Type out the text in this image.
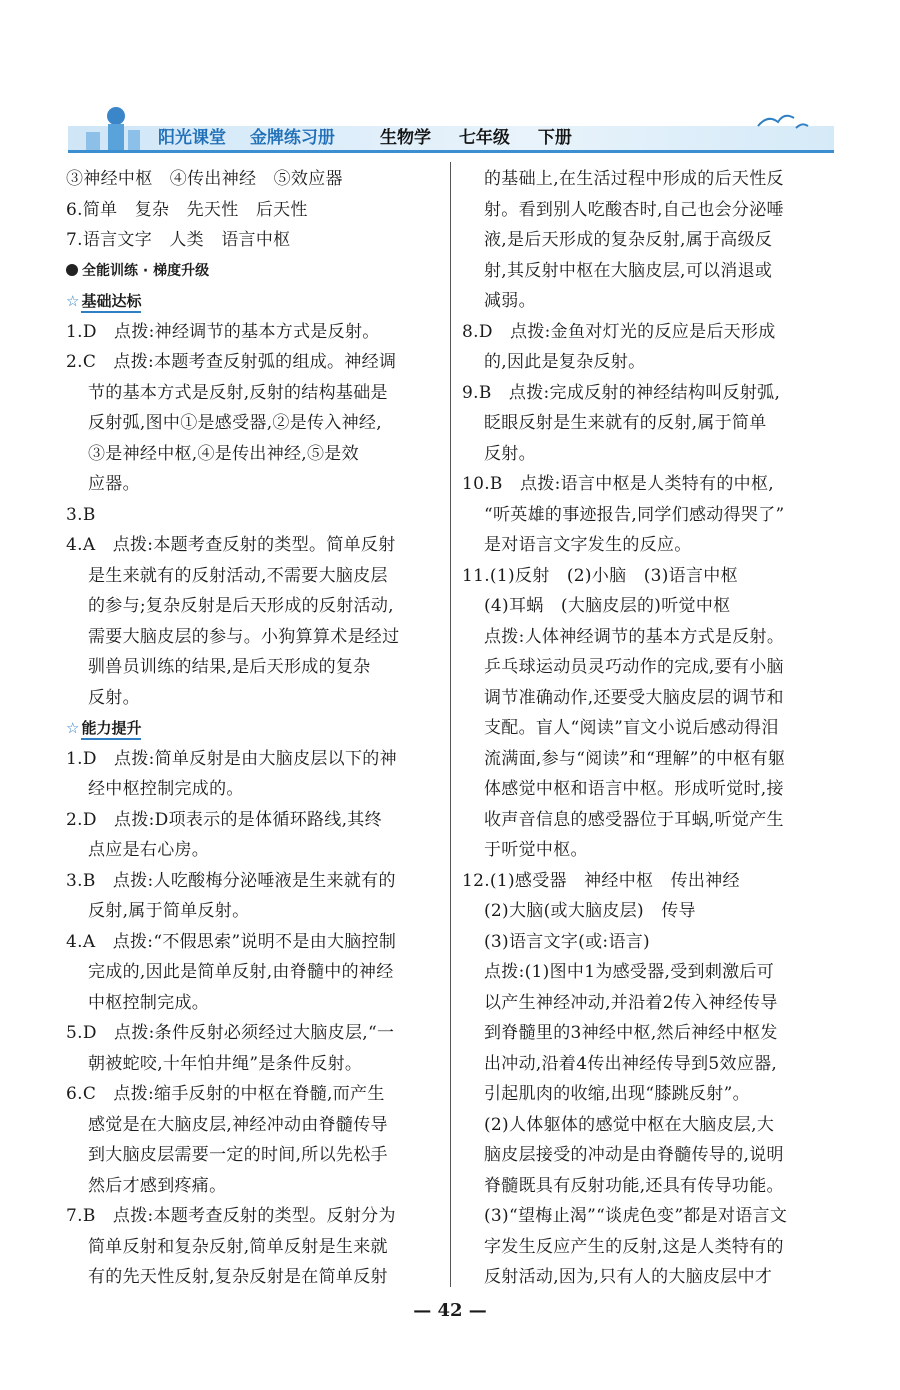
阳光课堂 金牌练习册	生物学 七年级 下册
③神经中枢　④传出神经　⑤效应器
6.简单　复杂　先天性　后天性
7.语言文字　人类　语言中枢
全能训练 · 梯度升级
☆ 基础达标
1.D　点拨:神经调节的基本方式是反射。
2.C　点拨:本题考查反射弧的组成。神经调
节的基本方式是反射,反射的结构基础是
反射弧,图中①是感受器,②是传入神经,
③是神经中枢,④是传出神经,⑤是效
应器。
3.B
4.A　点拨:本题考查反射的类型。简单反射
是生来就有的反射活动,不需要大脑皮层
的参与;复杂反射是后天形成的反射活动,
需要大脑皮层的参与。小狗算算术是经过
驯兽员训练的结果,是后天形成的复杂
反射。
☆ 能力提升
1.D　点拨:简单反射是由大脑皮层以下的神
经中枢控制完成的。
2.D　点拨:D项表示的是体循环路线,其终
点应是右心房。
3.B　点拨:人吃酸梅分泌唾液是生来就有的
反射,属于简单反射。
4.A　点拨:“不假思索”说明不是由大脑控制
完成的,因此是简单反射,由脊髓中的神经
中枢控制完成。
5.D　点拨:条件反射必须经过大脑皮层,“一
朝被蛇咬,十年怕井绳”是条件反射。
6.C　点拨:缩手反射的中枢在脊髓,而产生
感觉是在大脑皮层,神经冲动由脊髓传导
到大脑皮层需要一定的时间,所以先松手
然后才感到疼痛。
7.B　点拨:本题考查反射的类型。反射分为
简单反射和复杂反射,简单反射是生来就
有的先天性反射,复杂反射是在简单反射
的基础上,在生活过程中形成的后天性反
射。看到别人吃酸杏时,自己也会分泌唾
液,是后天形成的复杂反射,属于高级反
射,其反射中枢在大脑皮层,可以消退或
减弱。
8.D　点拨:金鱼对灯光的反应是后天形成
的,因此是复杂反射。
9.B　点拨:完成反射的神经结构叫反射弧,
眨眼反射是生来就有的反射,属于简单
反射。
10.B　点拨:语言中枢是人类特有的中枢,
“听英雄的事迹报告,同学们感动得哭了”
是对语言文字发生的反应。
11.(1)反射　(2)小脑　(3)语言中枢
(4)耳蜗　(大脑皮层的)听觉中枢
点拨:人体神经调节的基本方式是反射。
乒乓球运动员灵巧动作的完成,要有小脑
调节准确动作,还要受大脑皮层的调节和
支配。盲人“阅读”盲文小说后感动得泪
流满面,参与“阅读”和“理解”的中枢有躯
体感觉中枢和语言中枢。形成听觉时,接
收声音信息的感受器位于耳蜗,听觉产生
于听觉中枢。
12.(1)感受器　神经中枢　传出神经
(2)大脑(或大脑皮层)　传导
(3)语言文字(或:语言)
点拨:(1)图中1为感受器,受到刺激后可
以产生神经冲动,并沿着2传入神经传导
到脊髓里的3神经中枢,然后神经中枢发
出冲动,沿着4传出神经传导到5效应器,
引起肌肉的收缩,出现“膝跳反射”。
(2)人体躯体的感觉中枢在大脑皮层,大
脑皮层接受的冲动是由脊髓传导的,说明
脊髓既具有反射功能,还具有传导功能。
(3)“望梅止渴”“谈虎色变”都是对语言文
字发生反应产生的反射,这是人类特有的
反射活动,因为,只有人的大脑皮层中才
— 42 —
